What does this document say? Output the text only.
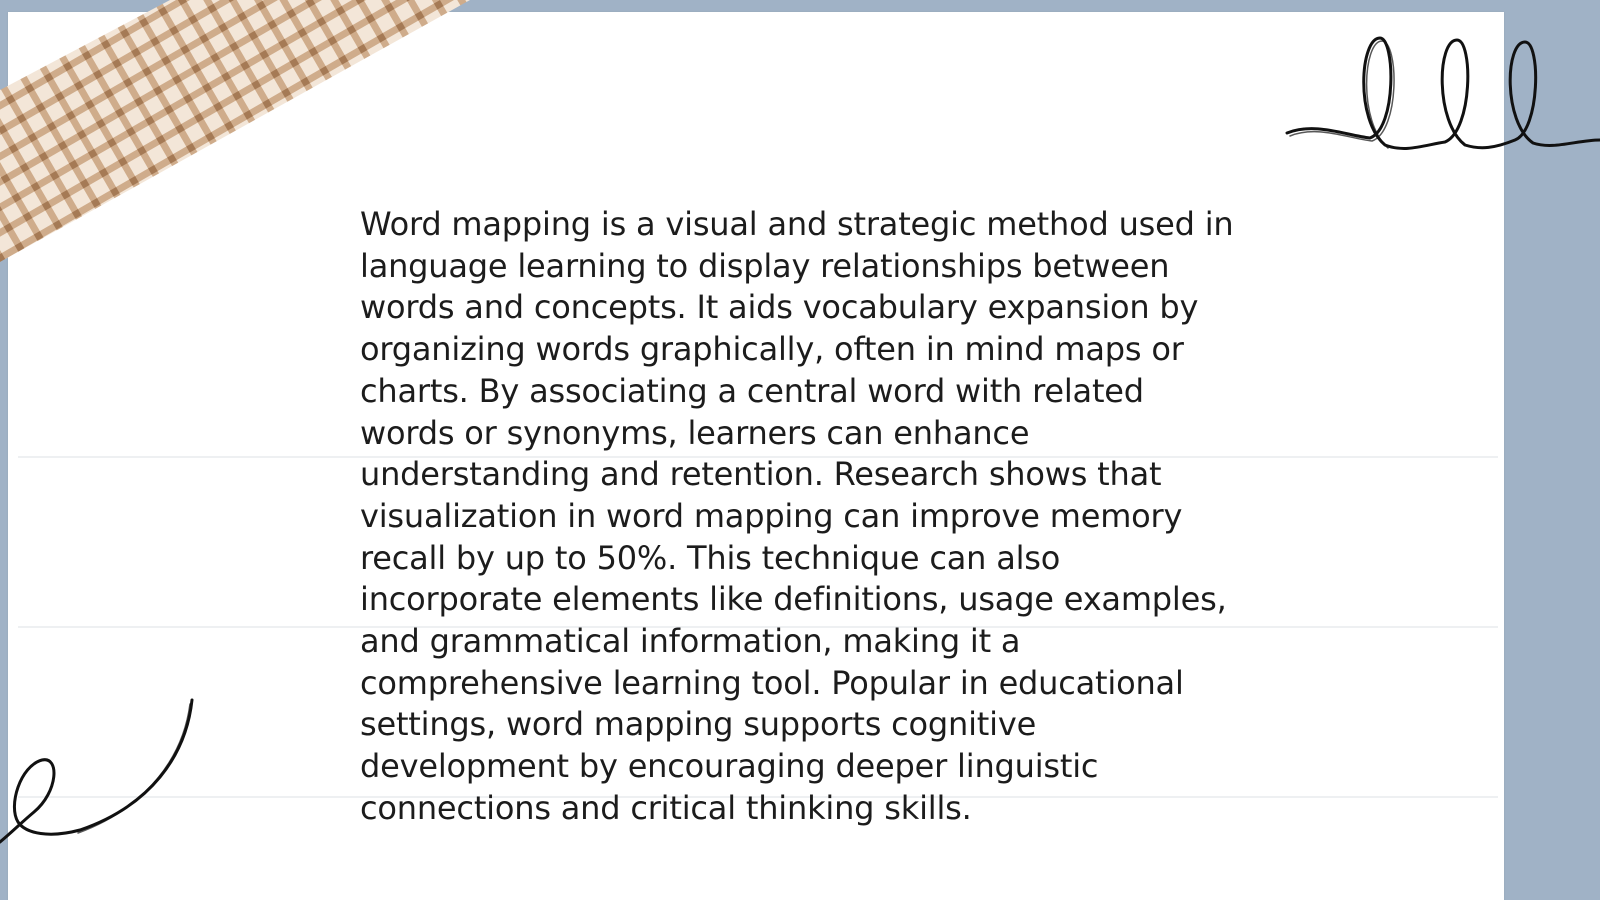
Word mapping is a visual and strategic method used in language learning to display relationships between words and concepts. It aids vocabulary expansion by organizing words graphically, often in mind maps or charts. By associating a central word with related words or synonyms, learners can enhance understanding and retention. Research shows that visualization in word mapping can improve memory recall by up to 50%. This technique can also incorporate elements like definitions, usage examples, and grammatical information, making it a comprehensive learning tool. Popular in educational settings, word mapping supports cognitive development by encouraging deeper linguistic connections and critical thinking skills.
